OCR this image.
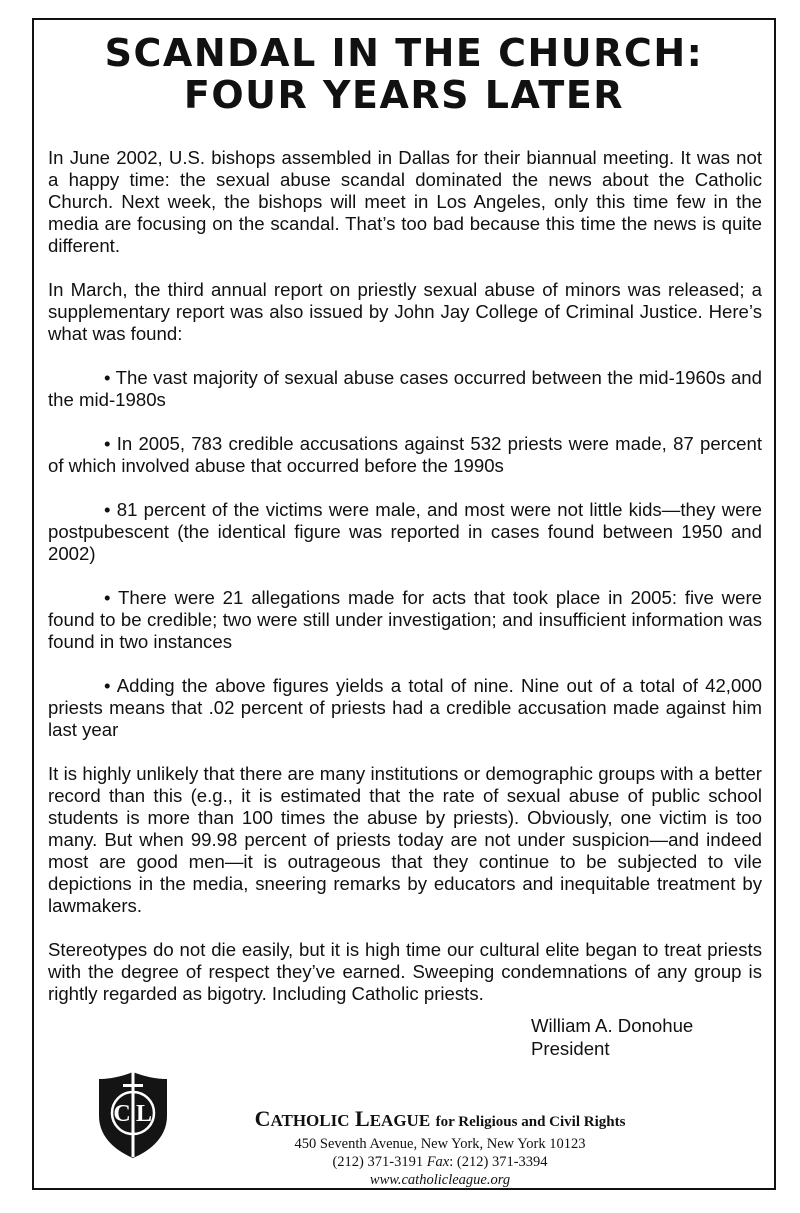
SCANDAL IN THE CHURCH:
FOUR YEARS LATER

In June 2002, U.S. bishops assembled in Dallas for their biannual meeting. It was not a happy time: the sexual abuse scandal dominated the news about the Catholic Church. Next week, the bishops will meet in Los Angeles, only this time few in the media are focusing on the scandal. That’s too bad because this time the news is quite different.

In March, the third annual report on priestly sexual abuse of minors was released; a supplementary report was also issued by John Jay College of Criminal Justice. Here’s what was found:

• The vast majority of sexual abuse cases occurred between the mid-1960s and the mid-1980s

• In 2005, 783 credible accusations against 532 priests were made, 87 percent of which involved abuse that occurred before the 1990s

• 81 percent of the victims were male, and most were not little kids—they were postpubescent (the identical figure was reported in cases found between 1950 and 2002)

• There were 21 allegations made for acts that took place in 2005: five were found to be credible; two were still under investigation; and insufficient information was found in two instances

• Adding the above figures yields a total of nine. Nine out of a total of 42,000 priests means that .02 percent of priests had a credible accusation made against him last year

It is highly unlikely that there are many institutions or demographic groups with a better record than this (e.g., it is estimated that the rate of sexual abuse of public school students is more than 100 times the abuse by priests). Obviously, one victim is too many. But when 99.98 percent of priests today are not under suspicion—and indeed most are good men—it is outrageous that they continue to be subjected to vile depictions in the media, sneering remarks by educators and inequitable treatment by lawmakers.

Stereotypes do not die easily, but it is high time our cultural elite began to treat priests with the degree of respect they’ve earned. Sweeping condemnations of any group is rightly regarded as bigotry. Including Catholic priests.

William A. Donohue
President
C L	CATHOLIC LEAGUE for Religious and Civil Rights
450 Seventh Avenue, New York, New York 10123
(212) 371-3191 Fax: (212) 371-3394
www.catholicleague.org
